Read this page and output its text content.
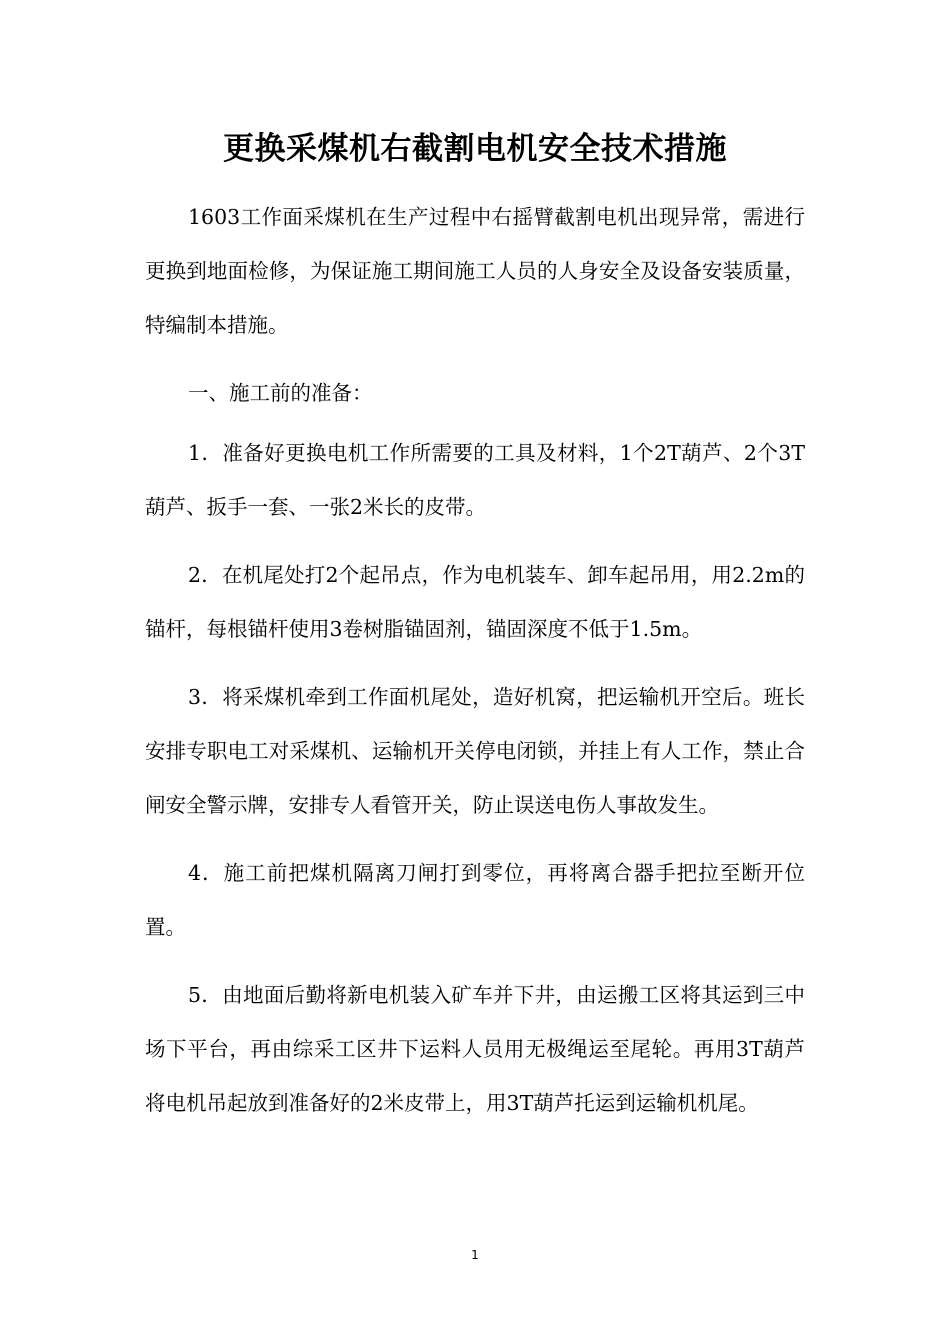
更换采煤机右截割电机安全技术措施

1603工作面采煤机在生产过程中右摇臂截割电机出现异常，需进行更换到地面检修，为保证施工期间施工人员的人身安全及设备安装质量，特编制本措施。

一、施工前的准备：

1．准备好更换电机工作所需要的工具及材料，1个2T葫芦、2个3T葫芦、扳手一套、一张2米长的皮带。

2．在机尾处打2个起吊点，作为电机装车、卸车起吊用，用2.2m的锚杆，每根锚杆使用3卷树脂锚固剂，锚固深度不低于1.5m。

3．将采煤机牵到工作面机尾处，造好机窝，把运输机开空后。班长安排专职电工对采煤机、运输机开关停电闭锁，并挂上有人工作，禁止合闸安全警示牌，安排专人看管开关，防止误送电伤人事故发生。

4．施工前把煤机隔离刀闸打到零位，再将离合器手把拉至断开位置。

5．由地面后勤将新电机装入矿车并下井，由运搬工区将其运到三中场下平台，再由综采工区井下运料人员用无极绳运至尾轮。再用3T葫芦将电机吊起放到准备好的2米皮带上，用3T葫芦托运到运输机机尾。

1
